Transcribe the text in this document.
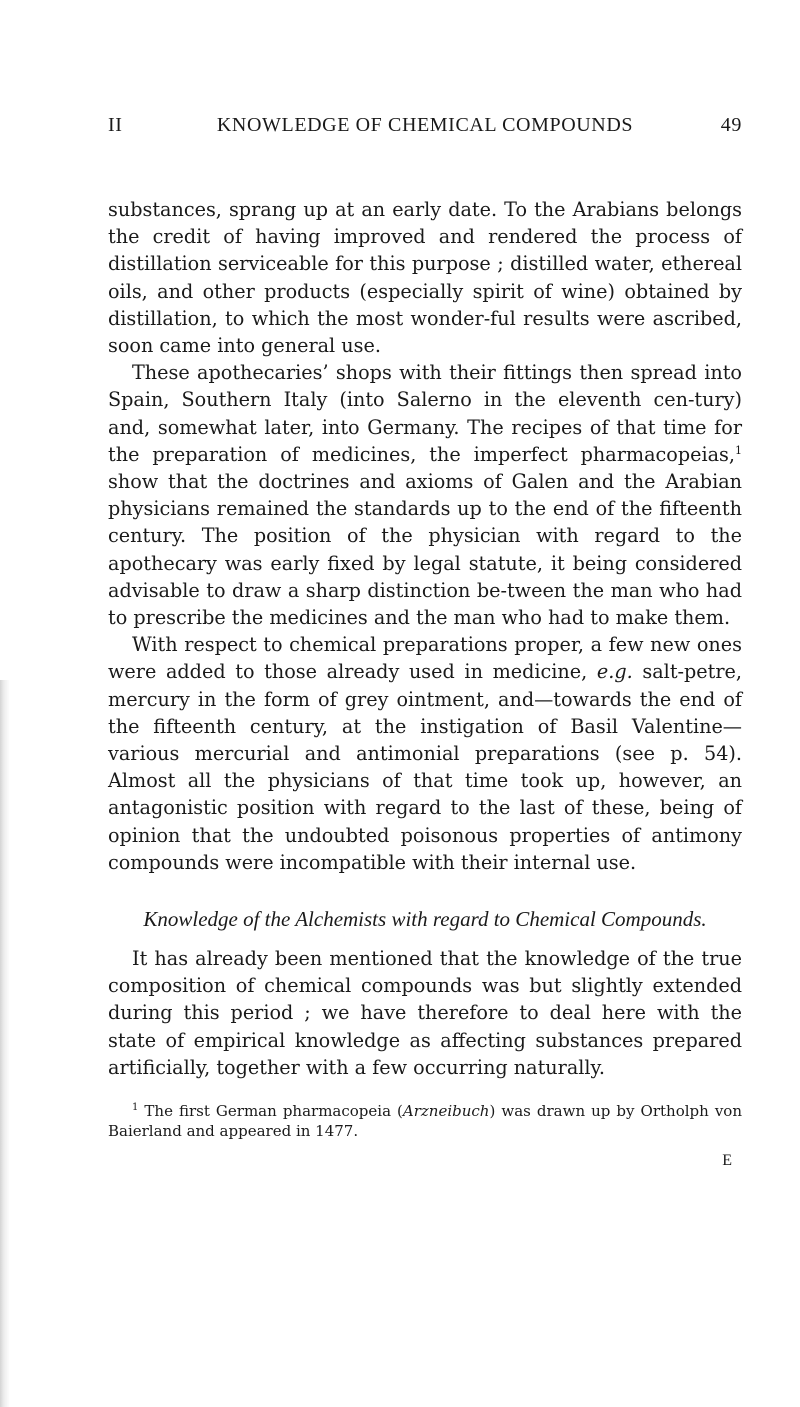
II	KNOWLEDGE OF CHEMICAL COMPOUNDS	49

substances, sprang up at an early date. To the Arabians belongs the credit of having improved and rendered the process of distillation serviceable for this purpose ; distilled water, ethereal oils, and other products (especially spirit of wine) obtained by distillation, to which the most wonder-ful results were ascribed, soon came into general use.

These apothecaries’ shops with their fittings then spread into Spain, Southern Italy (into Salerno in the eleventh cen-tury) and, somewhat later, into Germany. The recipes of that time for the preparation of medicines, the imperfect pharmacopeias,$^1$ show that the doctrines and axioms of Galen and the Arabian physicians remained the standards up to the end of the fifteenth century. The position of the physician with regard to the apothecary was early fixed by legal statute, it being considered advisable to draw a sharp distinction be-tween the man who had to prescribe the medicines and the man who had to make them.

With respect to chemical preparations proper, a few new ones were added to those already used in medicine, e.g. salt-petre, mercury in the form of grey ointment, and—towards the end of the fifteenth century, at the instigation of Basil Valentine—various mercurial and antimonial preparations (see p. 54). Almost all the physicians of that time took up, however, an antagonistic position with regard to the last of these, being of opinion that the undoubted poisonous properties of antimony compounds were incompatible with their internal use.

Knowledge of the Alchemists with regard to Chemical Compounds.

It has already been mentioned that the knowledge of the true composition of chemical compounds was but slightly extended during this period ; we have therefore to deal here with the state of empirical knowledge as affecting substances prepared artificially, together with a few occurring naturally.

$^1$ The first German pharmacopeia (Arzneibuch) was drawn up by Ortholph von Baierland and appeared in 1477.
E
